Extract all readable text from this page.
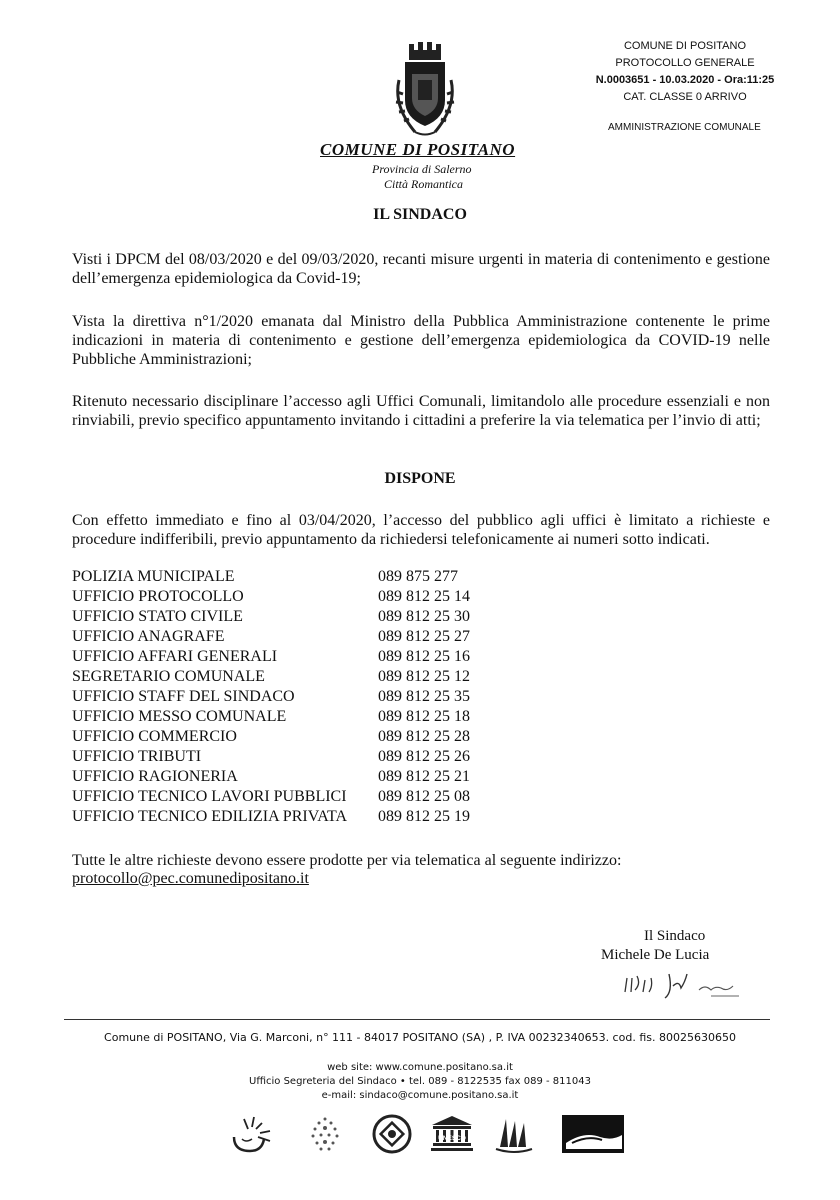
COMUNE DI POSITANO
Provincia di Salerno
Città Romantica
COMUNE DI POSITANO
PROTOCOLLO GENERALE
N.0003651 - 10.03.2020 - Ora:11:25
CAT. CLASSE 0 ARRIVO
AMMINISTRAZIONE COMUNALE
IL SINDACO
Visti i DPCM del 08/03/2020 e del 09/03/2020, recanti misure urgenti in materia di contenimento e gestione dell’emergenza epidemiologica da Covid-19;
Vista la direttiva n°1/2020 emanata dal Ministro della Pubblica Amministrazione contenente le prime indicazioni in materia di contenimento e gestione dell’emergenza epidemiologica da COVID-19 nelle Pubbliche Amministrazioni;
Ritenuto necessario disciplinare l’accesso agli Uffici Comunali, limitandolo alle procedure essenziali e non rinviabili, previo specifico appuntamento invitando i cittadini a preferire la via telematica per l’invio di atti;
DISPONE
Con effetto immediato e fino al 03/04/2020, l’accesso del pubblico agli uffici è limitato a richieste e procedure indifferibili, previo appuntamento da richiedersi telefonicamente ai numeri sotto indicati.
POLIZIA MUNICIPALE	089 875 277
UFFICIO PROTOCOLLO	089 812 25 14
UFFICIO STATO CIVILE	089 812 25 30
UFFICIO ANAGRAFE	089 812 25 27
UFFICIO AFFARI GENERALI	089 812 25 16
SEGRETARIO COMUNALE	089 812 25 12
UFFICIO STAFF DEL SINDACO	089 812 25 35
UFFICIO MESSO COMUNALE	089 812 25 18
UFFICIO COMMERCIO	089 812 25 28
UFFICIO TRIBUTI	089 812 25 26
UFFICIO RAGIONERIA	089 812 25 21
UFFICIO TECNICO LAVORI PUBBLICI 089 812 25 08
UFFICIO TECNICO EDILIZIA PRIVATA 089 812 25 19
Tutte le altre richieste devono essere prodotte per via telematica al seguente indirizzo:
protocollo@pec.comunedipositano.it
Il Sindaco
Michele De Lucia
Comune di POSITANO, Via G. Marconi, n° 111 - 84017 POSITANO (SA) , P. IVA 00232340653. cod. fis. 80025630650
web site: www.comune.positano.sa.it
Ufficio Segreteria del Sindaco • tel. 089 - 8122535 fax 089 - 811043
e-mail: sindaco@comune.positano.sa.it
UNESCO
